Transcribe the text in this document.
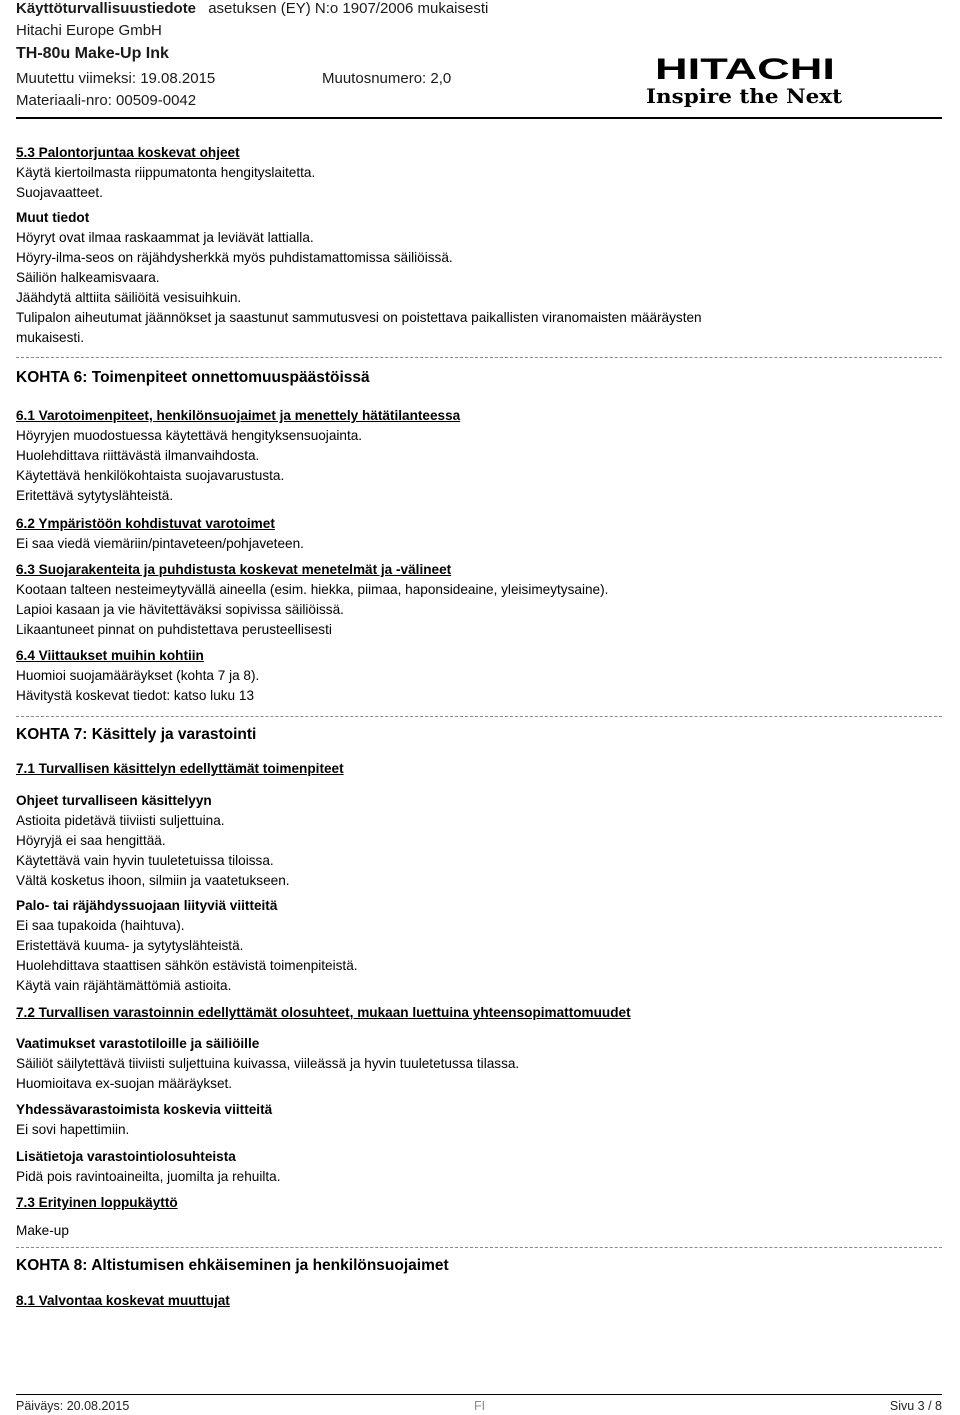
Käyttöturvallisuustiedote asetuksen (EY) N:o 1907/2006 mukaisesti
Hitachi Europe GmbH
TH-80u Make-Up Ink
Muutettu viimeksi: 19.08.2015	Muutosnumero: 2,0
Materiaali-nro: 00509-0042
HITACHI
Inspire the Next
5.3 Palontorjuntaa koskevat ohjeet
Käytä kiertoilmasta riippumatonta hengityslaitetta.
Suojavaatteet.
Muut tiedot
Höyryt ovat ilmaa raskaammat ja leviävät lattialla.
Höyry-ilma-seos on räjähdysherkkä myös puhdistamattomissa säiliöissä.
Säiliön halkeamisvaara.
Jäähdytä alttiita säiliöitä vesisuihkuin.
Tulipalon aiheutumat jäännökset ja saastunut sammutusvesi on poistettava paikallisten viranomaisten määräysten mukaisesti.
KOHTA 6: Toimenpiteet onnettomuuspäästöissä
6.1 Varotoimenpiteet, henkilönsuojaimet ja menettely hätätilanteessa
Höyryjen muodostuessa käytettävä hengityksensuojainta.
Huolehdittava riittävästä ilmanvaihdosta.
Käytettävä henkilökohtaista suojavarustusta.
Eritettävä sytytyslähteistä.
6.2 Ympäristöön kohdistuvat varotoimet
Ei saa viedä viemäriin/pintaveteen/pohjaveteen.
6.3 Suojarakenteita ja puhdistusta koskevat menetelmät ja -välineet
Kootaan talteen nesteimeytyvällä aineella (esim. hiekka, piimaa, haponsideaine, yleisimeytysaine).
Lapioi kasaan ja vie hävitettäväksi sopivissa säiliöissä.
Likaantuneet pinnat on puhdistettava perusteellisesti
6.4 Viittaukset muihin kohtiin
Huomioi suojamääräykset (kohta 7 ja 8).
Hävitystä koskevat tiedot: katso luku 13
KOHTA 7: Käsittely ja varastointi
7.1 Turvallisen käsittelyn edellyttämät toimenpiteet
Ohjeet turvalliseen käsittelyyn
Astioita pidetävä tiiviisti suljettuina.
Höyryjä ei saa hengittää.
Käytettävä vain hyvin tuuletetuissa tiloissa.
Vältä kosketus ihoon, silmiin ja vaatetukseen.
Palo- tai räjähdyssuojaan liityviä viitteitä
Ei saa tupakoida (haihtuva).
Eristettävä kuuma- ja sytytyslähteistä.
Huolehdittava staattisen sähkön estävistä toimenpiteistä.
Käytä vain räjähtämättömiä astioita.
7.2 Turvallisen varastoinnin edellyttämät olosuhteet, mukaan luettuina yhteensopimattomuudet
Vaatimukset varastotiloille ja säiliöille
Säiliöt säilytettävä tiiviisti suljettuina kuivassa, viileässä ja hyvin tuuletetussa tilassa.
Huomioitava ex-suojan määräykset.
Yhdessävarastoimista koskevia viitteitä
Ei sovi hapettimiin.
Lisätietoja varastointiolosuhteista
Pidä pois ravintoaineilta, juomilta ja rehuilta.
7.3 Erityinen loppukäyttö
Make-up
KOHTA 8: Altistumisen ehkäiseminen ja henkilönsuojaimet
8.1 Valvontaa koskevat muuttujat
Päiväys: 20.08.2015	FI	Sivu 3 / 8
